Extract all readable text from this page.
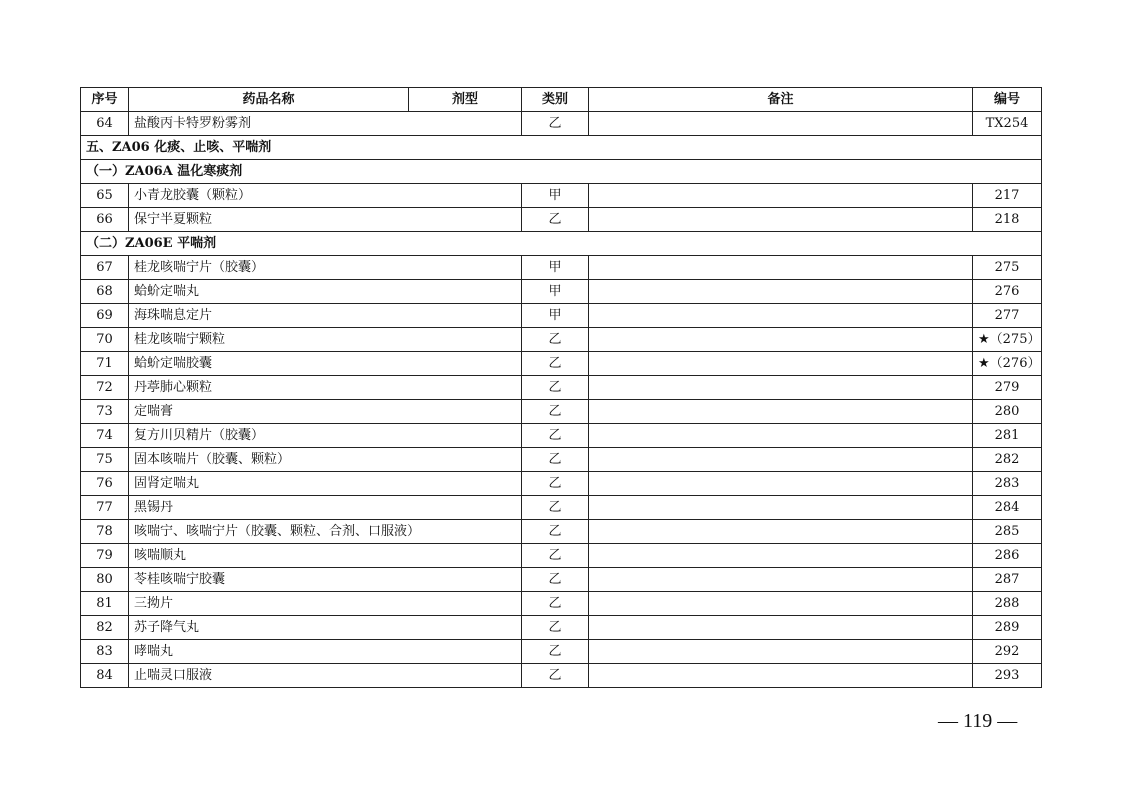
序号	药品名称	剂型	类别	备注	编号
64	盐酸丙卡特罗粉雾剂		乙		TX254
五、ZA06 化痰、止咳、平喘剂					
（一）ZA06A 温化寒痰剂					
65	小青龙胶囊（颗粒）		甲		217
66	保宁半夏颗粒		乙		218
（二）ZA06E 平喘剂					
67	桂龙咳喘宁片（胶囊）		甲		275
68	蛤蚧定喘丸		甲		276
69	海珠喘息定片		甲		277
70	桂龙咳喘宁颗粒		乙		★（275）
71	蛤蚧定喘胶囊		乙		★（276）
72	丹葶肺心颗粒		乙		279
73	定喘膏		乙		280
74	复方川贝精片（胶囊）		乙		281
75	固本咳喘片（胶囊、颗粒）		乙		282
76	固肾定喘丸		乙		283
77	黑锡丹		乙		284
78	咳喘宁、咳喘宁片（胶囊、颗粒、合剂、口服液）		乙		285
79	咳喘顺丸		乙		286
80	苓桂咳喘宁胶囊		乙		287
81	三拗片		乙		288
82	苏子降气丸		乙		289
83	哮喘丸		乙		292
84	止喘灵口服液		乙		293
— 119 —
